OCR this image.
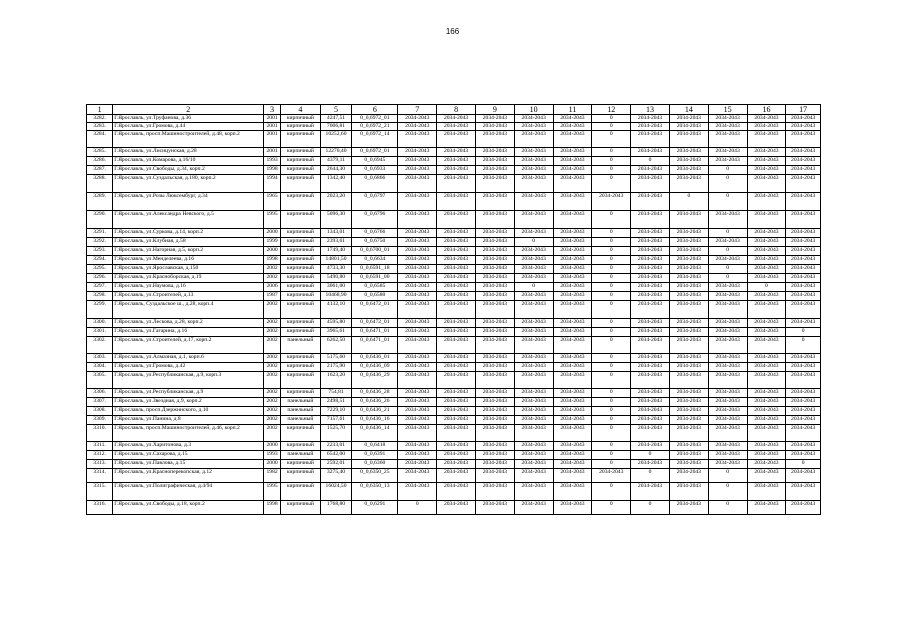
166
1	2	3	4	5	6	7	8	9	10	11	12	13	14	15	16	17
3282.	Г.Ярославль, ул.Труфанова, д.36	2001	кирпичный	4247,51	0_0,6972_01	2034-2043	2034-2043	2034-2043	2034-2043	2034-2043	0	2034-2043	2034-2043	2034-2043	2034-2043	2034-2043
3283.	Г.Ярославль, ул.Громова, д.44	2001	кирпичный	7006,81	0_0,6972_21	2034-2043	2034-2043	2034-2043	2034-2043	2034-2043	0	2034-2043	2034-2043	2034-2043	2034-2043	2034-2043
3284.	Г.Ярославль, просп.Машиностроителей, д.48, корп.2	2001	кирпичный	10252,60	0_0,6972_14	2034-2043	2034-2043	2034-2043	2034-2043	2034-2043	0	2034-2043	2034-2043	2034-2043	2034-2043	2034-2043
3285.	Г.Ярославль, ул.Лисицунская, д.28	2001	кирпичный	12270,40	0_0,6972_01	2034-2043	2034-2043	2034-2043	2034-2043	2034-2043	0	2034-2043	2034-2043	2034-2043	2034-2043	2034-2043
3286.	Г.Ярославль, ул.Комарова, д.16/10	1993	кирпичный	4379,11	0_0,6945	2034-2043	2034-2043	2034-2043	2034-2043	2034-2043	0	0	2034-2043	2034-2043	2034-2043	2034-2043
3287.	Г.Ярославль, ул.Свободы, д.34, корп.2	1998	кирпичный	2644,30	0_0,6933	2034-2043	2034-2043	2034-2043	2034-2043	2034-2043	0	2034-2043	2034-2043	0	2034-2043	2034-2043
3288.	Г.Ярославль, ул.Суздальская, д.180, корп.2	1994	кирпичный	1342,40	0_0,6866	2034-2043	2034-2043	2034-2043	2034-2043	2034-2043	0	2034-2043	2034-2043	0	2034-2043	2034-2043
3289.	Г.Ярославль, ул.Розы Люксембург, д.34	1965	кирпичный	2023,20	0_0,6797	2034-2043	2034-2043	2034-2043	2034-2043	2034-2043	2034-2043	2034-2043	0	0	2034-2043	2034-2043
3290.	Г.Ярославль, ул.Александра Невского, д.5	1995	кирпичный	5096,30	0_0,6796	2034-2043	2034-2043	2034-2043	2034-2043	2034-2043	0	2034-2043	2034-2043	2034-2043	2034-2043	2034-2043
3291.	Г.Ярославль, ул.Суркова, д.14, корп.2	2000	кирпичный	1343,01	0_0,6766	2034-2043	2034-2043	2034-2043	2034-2043	2034-2043	0	2034-2043	2034-2043	0	2034-2043	2034-2043
3292.	Г.Ярославль, ул.Клубная, д.58	1999	кирпичный	2393,61	0_0,6750	2034-2043	2034-2043	2034-2043	0	2034-2043	0	2034-2043	2034-2043	2034-2043	2034-2043	2034-2043
3293.	Г.Ярославль, ул.Нагорная, д.5, корп.2	2000	кирпичный	1749,40	0_0,6700_01	2034-2043	2034-2043	2034-2043	2034-2043	2034-2043	0	2034-2043	2034-2043	0	2034-2043	2034-2043
3294.	Г.Ярославль, ул.Менделеева, д.16	1998	кирпичный	14801,50	0_0,6634	2034-2043	2034-2043	2034-2043	2034-2043	2034-2043	0	2034-2043	2034-2043	2034-2043	2034-2043	2034-2043
3295.	Г.Ярославль, ул.Ярославская, д.150	2002	кирпичный	4733,30	0_0,6591_18	2034-2043	2034-2043	2034-2043	2034-2043	2034-2043	0	2034-2043	2034-2043	0	2034-2043	2034-2043
3296.	Г.Ярославль, ул.Красноборская, д.19	2002	кирпичный	5490,80	0_0,6591_00	2034-2043	2034-2043	2034-2043	2034-2043	2034-2043	0	2034-2043	2034-2043	0	2034-2043	2034-2043
3297.	Г.Ярославль, ул.Наумова, д.16	2006	кирпичный	3061,00	0_0,6585	2034-2043	2034-2043	2034-2043	0	2034-2043	0	2034-2043	2034-2043	2034-2043	0	2034-2043
3298.	Г.Ярославль, ул.Строителей, д.13	1987	кирпичный	10468,90	0_0,6580	2034-2043	2034-2043	2034-2043	2034-2043	2034-2043	0	2034-2043	2034-2043	2034-2043	2034-2043	2034-2043
3299.	Г.Ярославль, Суздальское ш., д.28, корп.4	2002	кирпичный	4132,10	0_0,6472_01	2034-2043	2034-2043	2034-2043	2034-2043	2034-2043	0	2034-2043	2034-2043	2034-2043	2034-2043	2034-2043
3300.	Г.Ярославль, ул.Лескова, д.28, корп.2	2002	кирпичный	4595,80	0_0,6472_01	2034-2043	2034-2043	2034-2043	2034-2043	2034-2043	0	2034-2043	2034-2043	2034-2043	2034-2043	2034-2043
3301.	Г.Ярославль, ул.Гагарина, д.16	2002	кирпичный	3965,61	0_0,6471_01	2034-2043	2034-2043	2034-2043	2034-2043	2034-2043	0	2034-2043	2034-2043	2034-2043	2034-2043	0
3302.	Г.Ярославль, ул.Строителей, д.17, корп.2	2002	панельный	6262,50	0_0,6471_01	2034-2043	2034-2043	2034-2043	2034-2043	2034-2043	0	2034-2043	2034-2043	2034-2043	2034-2043	0
3303.	Г.Ярославль, ул.Алмазная, д.1, корп.6	2002	кирпичный	5175,60	0_0,6436_01	2034-2043	2034-2043	2034-2043	2034-2043	2034-2043	0	2034-2043	2034-2043	2034-2043	2034-2043	2034-2043
3304.	Г.Ярославль, ул.Громова, д.42	2002	кирпичный	2175,90	0_0,6436_09	2034-2043	2034-2043	2034-2043	2034-2043	2034-2043	0	2034-2043	2034-2043	2034-2043	2034-2043	2034-2043
3305.	Г.Ярославль, ул.Республиканская, д.9, корп.3	2002	кирпичный	1623,20	0_0,6436_29	2034-2043	2034-2043	2034-2043	2034-2043	2034-2043	0	2034-2043	2034-2043	2034-2043	2034-2043	2034-2043
3306.	Г.Ярославль, ул.Республиканская, д.9	2002	кирпичный	754,81	0_0,6436_28	2034-2043	2034-2043	2034-2043	2034-2043	2034-2043	0	2034-2043	2034-2043	2034-2043	2034-2043	2034-2043
3307.	Г.Ярославль, ул.Звездная, д.9, корп.2	2002	панельный	2498,51	0_0,6436_26	2034-2043	2034-2043	2034-2043	2034-2043	2034-2043	0	2034-2043	2034-2043	2034-2043	2034-2043	2034-2043
3308.	Г.Ярославль, просп.Дзержинского, д.10	2002	панельный	7229,10	0_0,6436_21	2034-2043	2034-2043	2034-2043	2034-2043	2034-2043	0	2034-2043	2034-2043	2034-2043	2034-2043	2034-2043
3309.	Г.Ярославль, ул.Панина, д.8	2002	панельный	7157,61	0_0,6436_16	2034-2043	2034-2043	2034-2043	2034-2043	2034-2043	0	2034-2043	2034-2043	2034-2043	2034-2043	2034-2043
3310.	Г.Ярославль, просп.Машиностроителей, д.46, корп.2	2002	кирпичный	1525,70	0_0,6436_14	2034-2043	2034-2043	2034-2043	2034-2043	2034-2043	0	2034-2043	2034-2043	2034-2043	2034-2043	2034-2043
3311.	Г.Ярославль, ул.Харитонова, д.3	2000	кирпичный	2233,01	0_0,6418	2034-2043	2034-2043	2034-2043	2034-2043	2034-2043	0	2034-2043	2034-2043	2034-2043	2034-2043	2034-2043
3312.	Г.Ярославль, ул.Сахарова, д.15	1993	панельный	6542,00	0_0,6391	2034-2043	2034-2043	2034-2043	2034-2043	2034-2043	0	0	2034-2043	2034-2043	2034-2043	2034-2043
3313.	Г.Ярославль, ул.Павлова, д.15	2000	кирпичный	2592,01	0_0,6360	2034-2043	2034-2043	2034-2043	2034-2043	2034-2043	0	2034-2043	2034-2043	2034-2043	2034-2043	0
3314.	Г.Ярославль, ул.Красноперекопская, д.12	1982	кирпичный	3275,40	0_0,6350_25	2034-2043	2034-2043	2034-2043	2034-2043	2034-2043	2034-2043	0	2034-2043	0	2034-2043	2034-2043
3315.	Г.Ярославль, ул.Полиграфическая, д.4/94	1995	кирпичный	16024,50	0_0,6350_13	2034-2043	2034-2043	2034-2043	2034-2043	2034-2043	0	2034-2043	2034-2043	0	2034-2043	2034-2043
3316.	Г.Ярославль, ул.Свободы, д.18, корп.2	1998	кирпичный	1768,80	0_0,6291	0	2034-2043	2034-2043	2034-2043	2034-2043	0	0	2034-2043	0	2034-2043	2034-2043
